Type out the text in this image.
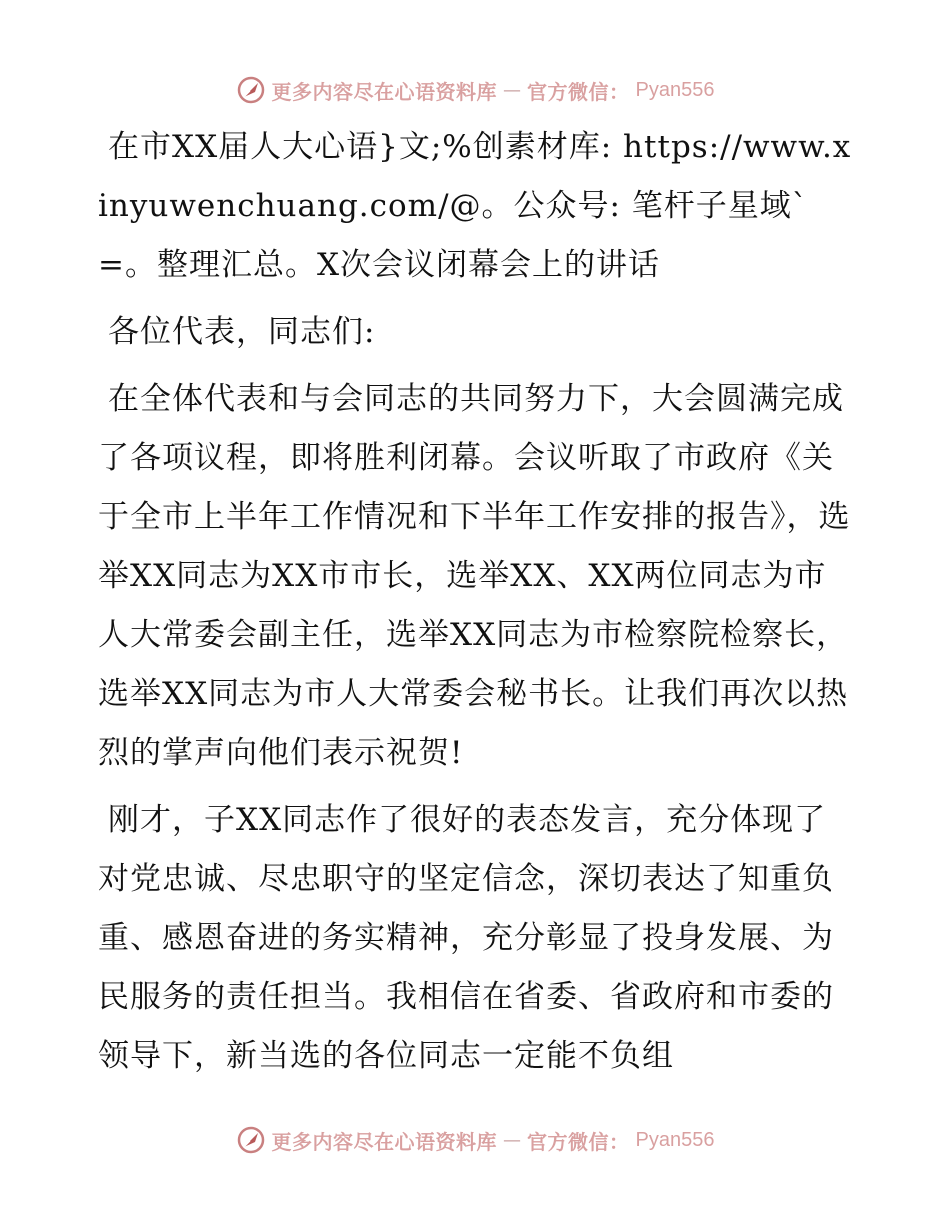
更多内容尽在心语资料库 — 官方微信： Pyan556

在市XX届人大心语}文;%创素材库: https://www.xinyuwenchuang.com/@。公众号: 笔杆子星域`=。整理汇总。X次会议闭幕会上的讲话

各位代表，同志们:

在全体代表和与会同志的共同努力下，大会圆满完成了各项议程，即将胜利闭幕。会议听取了市政府《关于全市上半年工作情况和下半年工作安排的报告》，选举XX同志为XX市市长，选举XX、XX两位同志为市人大常委会副主任，选举XX同志为市检察院检察长，选举XX同志为市人大常委会秘书长。让我们再次以热烈的掌声向他们表示祝贺!

刚才，子XX同志作了很好的表态发言，充分体现了对党忠诚、尽忠职守的坚定信念，深切表达了知重负重、感恩奋进的务实精神，充分彰显了投身发展、为民服务的责任担当。我相信在省委、省政府和市委的领导下，新当选的各位同志一定能不负组

更多内容尽在心语资料库 — 官方微信： Pyan556
